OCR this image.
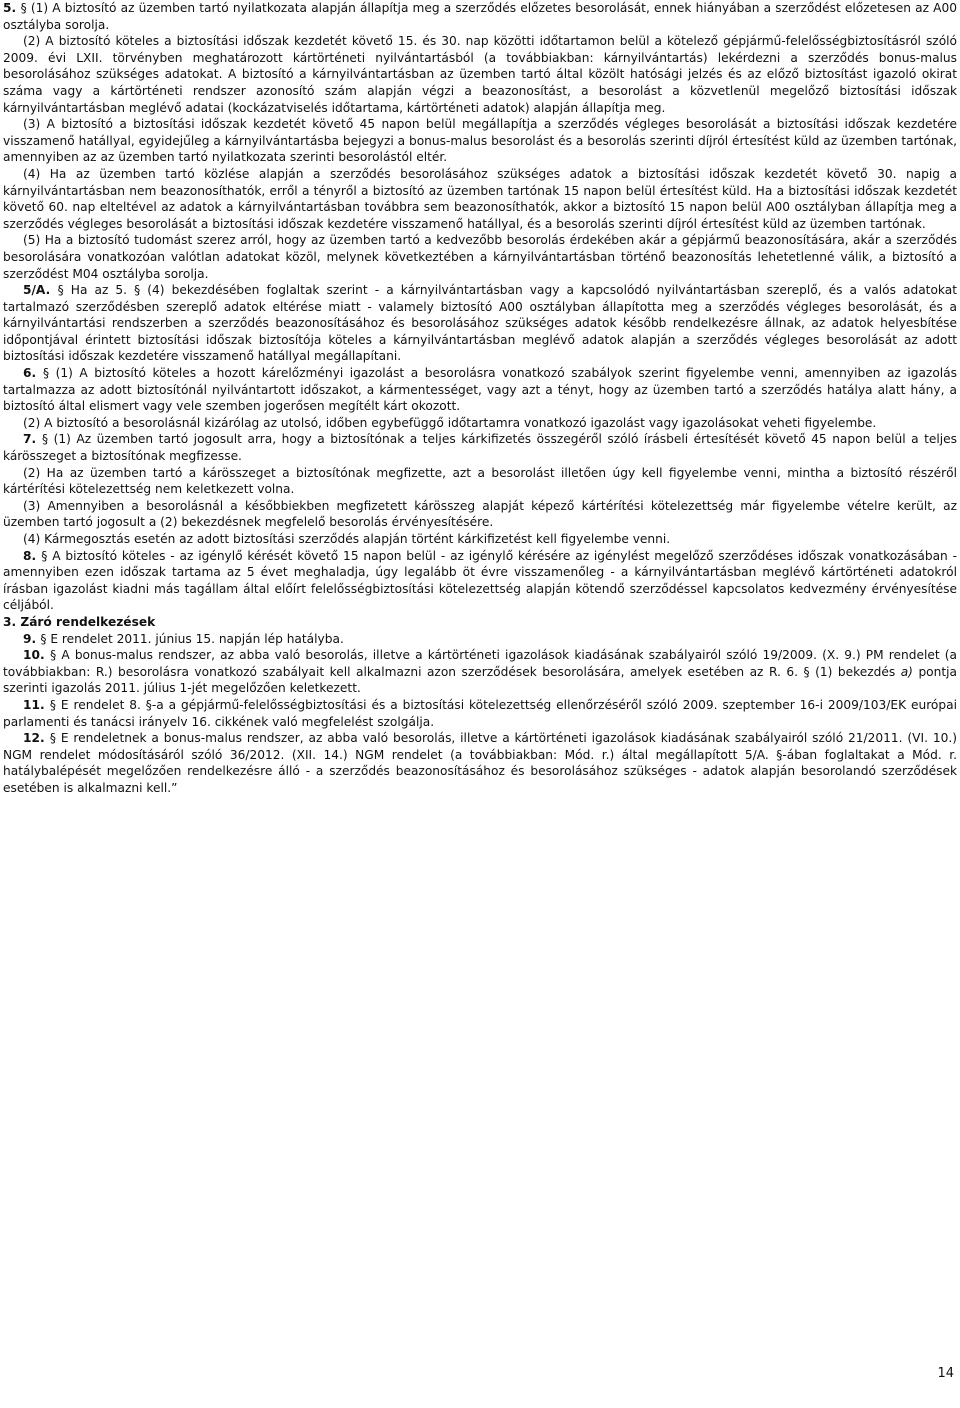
5. § (1) A biztosító az üzemben tartó nyilatkozata alapján állapítja meg a szerződés előzetes besorolását, ennek hiányában a szerződést előzetesen az A00 osztályba sorolja.

(2) A biztosító köteles a biztosítási időszak kezdetét követő 15. és 30. nap közötti időtartamon belül a kötelező gépjármű-felelősségbiztosításról szóló 2009. évi LXII. törvényben meghatározott kártörténeti nyilvántartásból (a továbbiakban: kárnyilvántartás) lekérdezni a szerződés bonus-malus besorolásához szükséges adatokat. A biztosító a kárnyilvántartásban az üzemben tartó által közölt hatósági jelzés és az előző biztosítást igazoló okirat száma vagy a kártörténeti rendszer azonosító szám alapján végzi a beazonosítást, a besorolást a közvetlenül megelőző biztosítási időszak kárnyilvántartásban meglévő adatai (kockázatviselés időtartama, kártörténeti adatok) alapján állapítja meg.

(3) A biztosító a biztosítási időszak kezdetét követő 45 napon belül megállapítja a szerződés végleges besorolását a biztosítási időszak kezdetére visszamenő hatállyal, egyidejűleg a kárnyilvántartásba bejegyzi a bonus-malus besorolást és a besorolás szerinti díjról értesítést küld az üzemben tartónak, amennyiben az az üzemben tartó nyilatkozata szerinti besorolástól eltér.

(4) Ha az üzemben tartó közlése alapján a szerződés besorolásához szükséges adatok a biztosítási időszak kezdetét követő 30. napig a kárnyilvántartásban nem beazonosíthatók, erről a tényről a biztosító az üzemben tartónak 15 napon belül értesítést küld. Ha a biztosítási időszak kezdetét követő 60. nap elteltével az adatok a kárnyilvántartásban továbbra sem beazonosíthatók, akkor a biztosító 15 napon belül A00 osztályban állapítja meg a szerződés végleges besorolását a biztosítási időszak kezdetére visszamenő hatállyal, és a besorolás szerinti díjról értesítést küld az üzemben tartónak.

(5) Ha a biztosító tudomást szerez arról, hogy az üzemben tartó a kedvezőbb besorolás érdekében akár a gépjármű beazonosítására, akár a szerződés besorolására vonatkozóan valótlan adatokat közöl, melynek következtében a kárnyilvántartásban történő beazonosítás lehetetlenné válik, a biztosító a szerződést M04 osztályba sorolja.

5/A. § Ha az 5. § (4) bekezdésében foglaltak szerint - a kárnyilvántartásban vagy a kapcsolódó nyilvántartásban szereplő, és a valós adatokat tartalmazó szerződésben szereplő adatok eltérése miatt - valamely biztosító A00 osztályban állapította meg a szerződés végleges besorolását, és a kárnyilvántartási rendszerben a szerződés beazonosításához és besorolásához szükséges adatok később rendelkezésre állnak, az adatok helyesbítése időpontjával érintett biztosítási időszak biztosítója köteles a kárnyilvántartásban meglévő adatok alapján a szerződés végleges besorolását az adott biztosítási időszak kezdetére visszamenő hatállyal megállapítani.

6. § (1) A biztosító köteles a hozott kárelőzményi igazolást a besorolásra vonatkozó szabályok szerint figyelembe venni, amennyiben az igazolás tartalmazza az adott biztosítónál nyilvántartott időszakot, a kármentességet, vagy azt a tényt, hogy az üzemben tartó a szerződés hatálya alatt hány, a biztosító által elismert vagy vele szemben jogerősen megítélt kárt okozott.

(2) A biztosító a besorolásnál kizárólag az utolsó, időben egybefüggő időtartamra vonatkozó igazolást vagy igazolásokat veheti figyelembe.

7. § (1) Az üzemben tartó jogosult arra, hogy a biztosítónak a teljes kárkifizetés összegéről szóló írásbeli értesítését követő 45 napon belül a teljes kárösszeget a biztosítónak megfizesse.

(2) Ha az üzemben tartó a kárösszeget a biztosítónak megfizette, azt a besorolást illetően úgy kell figyelembe venni, mintha a biztosító részéről kártérítési kötelezettség nem keletkezett volna.

(3) Amennyiben a besorolásnál a későbbiekben megfizetett kárösszeg alapját képező kártérítési kötelezettség már figyelembe vételre került, az üzemben tartó jogosult a (2) bekezdésnek megfelelő besorolás érvényesítésére.

(4) Kármegosztás esetén az adott biztosítási szerződés alapján történt kárkifizetést kell figyelembe venni.

8. § A biztosító köteles - az igénylő kérését követő 15 napon belül - az igénylő kérésére az igénylést megelőző szerződéses időszak vonatkozásában - amennyiben ezen időszak tartama az 5 évet meghaladja, úgy legalább öt évre visszamenőleg - a kárnyilvántartásban meglévő kártörténeti adatokról írásban igazolást kiadni más tagállam által előírt felelősségbiztosítási kötelezettség alapján kötendő szerződéssel kapcsolatos kedvezmény érvényesítése céljából.

3. Záró rendelkezések

9. § E rendelet 2011. június 15. napján lép hatályba.

10. § A bonus-malus rendszer, az abba való besorolás, illetve a kártörténeti igazolások kiadásának szabályairól szóló 19/2009. (X. 9.) PM rendelet (a továbbiakban: R.) besorolásra vonatkozó szabályait kell alkalmazni azon szerződések besorolására, amelyek esetében az R. 6. § (1) bekezdés a) pontja szerinti igazolás 2011. július 1-jét megelőzően keletkezett.

11. § E rendelet 8. §-a a gépjármű-felelősségbiztosítási és a biztosítási kötelezettség ellenőrzéséről szóló 2009. szeptember 16-i 2009/103/EK európai parlamenti és tanácsi irányelv 16. cikkének való megfelelést szolgálja.

12. § E rendeletnek a bonus-malus rendszer, az abba való besorolás, illetve a kártörténeti igazolások kiadásának szabályairól szóló 21/2011. (VI. 10.) NGM rendelet módosításáról szóló 36/2012. (XII. 14.) NGM rendelet (a továbbiakban: Mód. r.) által megállapított 5/A. §-ában foglaltakat a Mód. r. hatálybalépését megelőzően rendelkezésre álló - a szerződés beazonosításához és besorolásához szükséges - adatok alapján besorolandó szerződések esetében is alkalmazni kell.”

14
